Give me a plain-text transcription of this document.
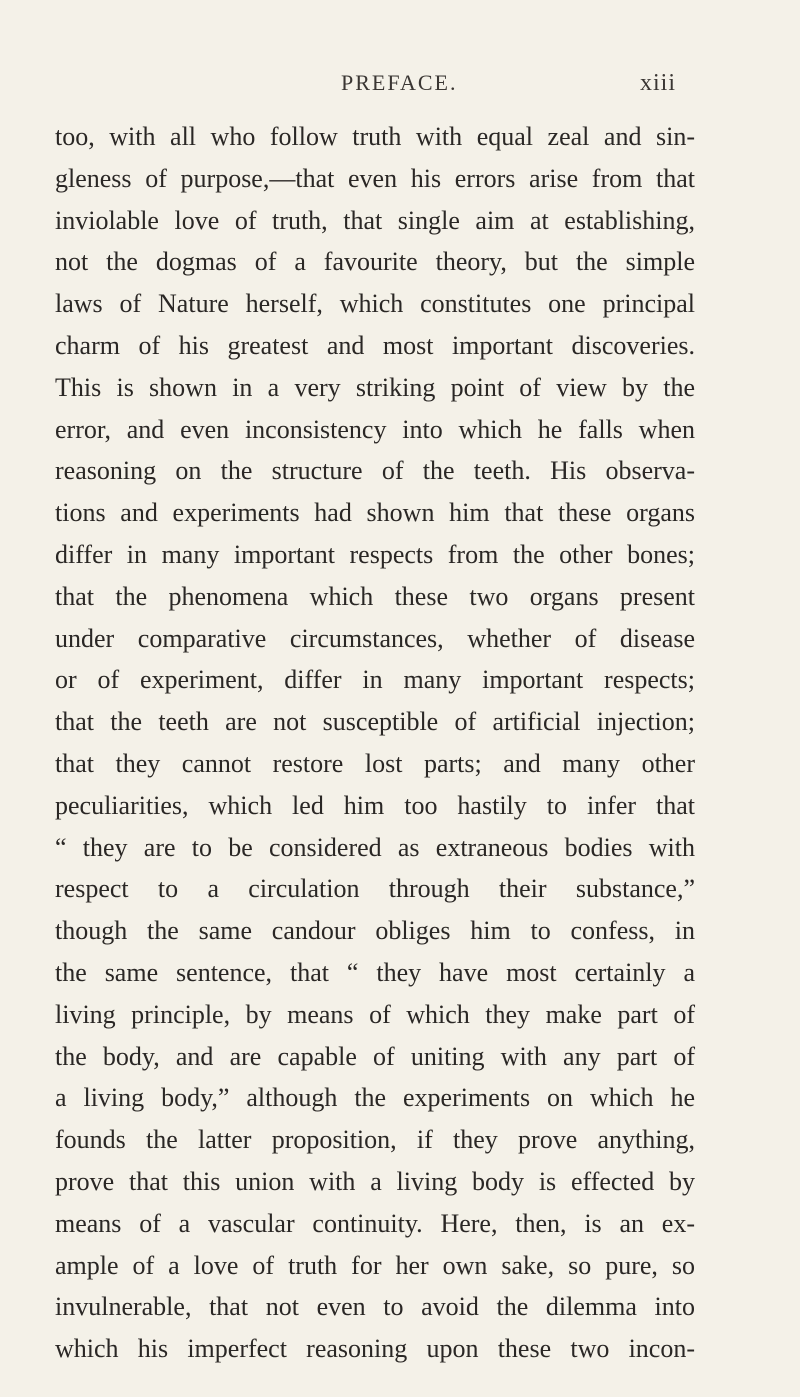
PREFACE.	xiii
too, with all who follow truth with equal zeal and sin-
gleness of purpose,—that even his errors arise from that
inviolable love of truth, that single aim at establishing,
not the dogmas of a favourite theory, but the simple
laws of Nature herself, which constitutes one principal
charm of his greatest and most important discoveries.
This is shown in a very striking point of view by the
error, and even inconsistency into which he falls when
reasoning on the structure of the teeth. His observa-
tions and experiments had shown him that these organs
differ in many important respects from the other bones;
that the phenomena which these two organs present
under comparative circumstances, whether of disease
or of experiment, differ in many important respects;
that the teeth are not susceptible of artificial injection;
that they cannot restore lost parts; and many other
peculiarities, which led him too hastily to infer that
“ they are to be considered as extraneous bodies with
respect to a circulation through their substance,”
though the same candour obliges him to confess, in
the same sentence, that “ they have most certainly a
living principle, by means of which they make part of
the body, and are capable of uniting with any part of
a living body,” although the experiments on which he
founds the latter proposition, if they prove anything,
prove that this union with a living body is effected by
means of a vascular continuity. Here, then, is an ex-
ample of a love of truth for her own sake, so pure, so
invulnerable, that not even to avoid the dilemma into
which his imperfect reasoning upon these two incon-
